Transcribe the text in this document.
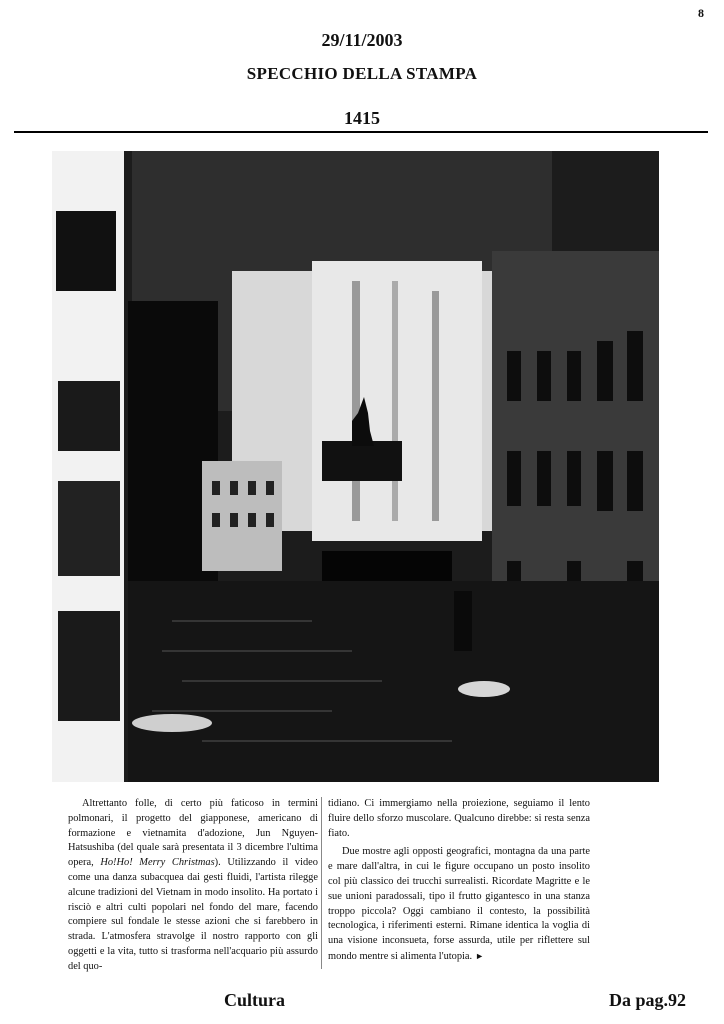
8
29/11/2003
SPECCHIO DELLA STAMPA
1415

Altrettanto folle, di certo più faticoso in termini polmonari, il progetto del giapponese, americano di formazione e vietnamita d'adozione, Jun Nguyen-Hatsushiba (del quale sarà presentata il 3 dicembre l'ultima opera, Ho!Ho! Merry Christmas). Utilizzando il video come una danza subacquea dai gesti fluidi, l'artista rilegge alcune tradizioni del Vietnam in modo insolito. Ha portato i risciò e altri culti popolari nel fondo del mare, facendo compiere sul fondale le stesse azioni che si farebbero in strada. L'atmosfera stravolge il nostro rapporto con gli oggetti e la vita, tutto si trasforma nell'acquario più assurdo del quo-

tidiano. Ci immergiamo nella proiezione, seguiamo il lento fluire dello sforzo muscolare. Qualcuno direbbe: si resta senza fiato.

Due mostre agli opposti geografici, montagna da una parte e mare dall'altra, in cui le figure occupano un posto insolito col più classico dei trucchi surrealisti. Ricordate Magritte e le sue unioni paradossali, tipo il frutto gigantesco in una stanza troppo piccola? Oggi cambiano il contesto, la possibilità tecnologica, i riferimenti esterni. Rimane identica la voglia di una visione inconsueta, forse assurda, utile per riflettere sul mondo mentre si alimenta l'utopia. ►

Cultura	Da pag.92
